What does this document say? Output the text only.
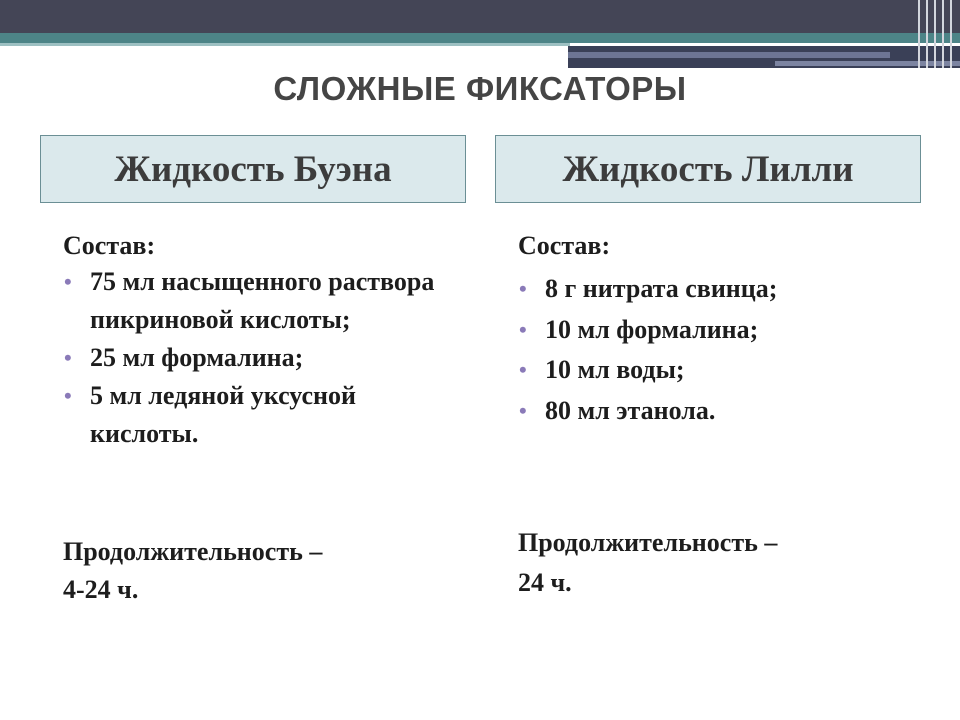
СЛОЖНЫЕ ФИКСАТОРЫ
Жидкость Буэна	Жидкость Лилли

Состав:

• 75 мл насыщенного раствора пикриновой кислоты;
• 25 мл формалина;
• 5 мл ледяной уксусной кислоты.
Продолжительность –
4-24 ч.

Состав:

• 8 г нитрата свинца;
• 10 мл формалина;
• 10 мл воды;
• 80 мл этанола.
Продолжительность –
24 ч.
